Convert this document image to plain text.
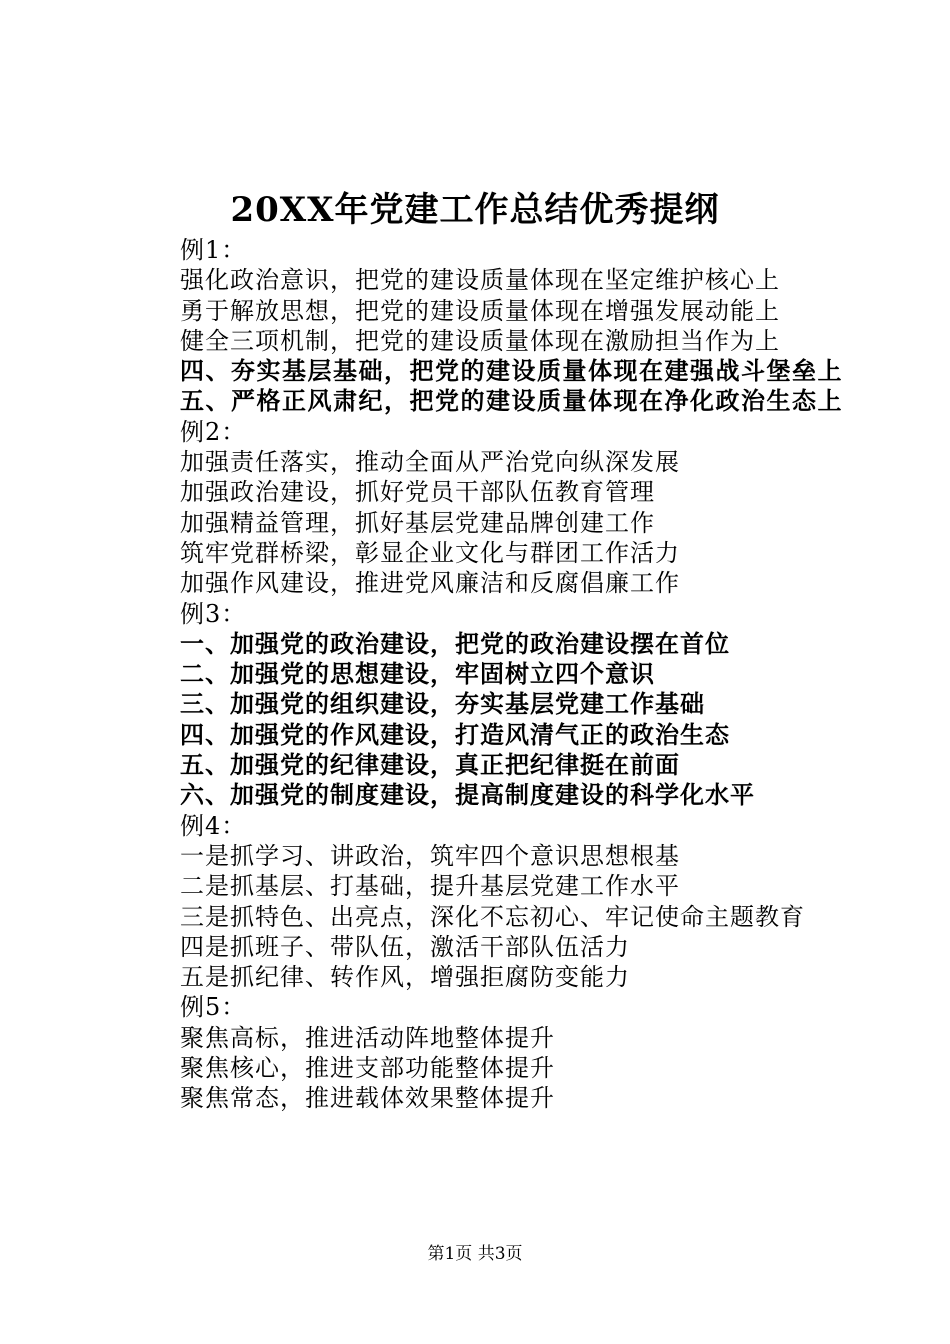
20XX年党建工作总结优秀提纲
例1：
强化政治意识，把党的建设质量体现在坚定维护核心上
勇于解放思想，把党的建设质量体现在增强发展动能上
健全三项机制，把党的建设质量体现在激励担当作为上
四、夯实基层基础，把党的建设质量体现在建强战斗堡垒上
五、严格正风肃纪，把党的建设质量体现在净化政治生态上
例2：
加强责任落实，推动全面从严治党向纵深发展
加强政治建设，抓好党员干部队伍教育管理
加强精益管理，抓好基层党建品牌创建工作
筑牢党群桥梁，彰显企业文化与群团工作活力
加强作风建设，推进党风廉洁和反腐倡廉工作
例3：
一、加强党的政治建设，把党的政治建设摆在首位
二、加强党的思想建设，牢固树立四个意识
三、加强党的组织建设，夯实基层党建工作基础
四、加强党的作风建设，打造风清气正的政治生态
五、加强党的纪律建设，真正把纪律挺在前面
六、加强党的制度建设，提高制度建设的科学化水平
例4：
一是抓学习、讲政治，筑牢四个意识思想根基
二是抓基层、打基础，提升基层党建工作水平
三是抓特色、出亮点，深化不忘初心、牢记使命主题教育
四是抓班子、带队伍，激活干部队伍活力
五是抓纪律、转作风，增强拒腐防变能力
例5：
聚焦高标，推进活动阵地整体提升
聚焦核心，推进支部功能整体提升
聚焦常态，推进载体效果整体提升
第1页 共3页
